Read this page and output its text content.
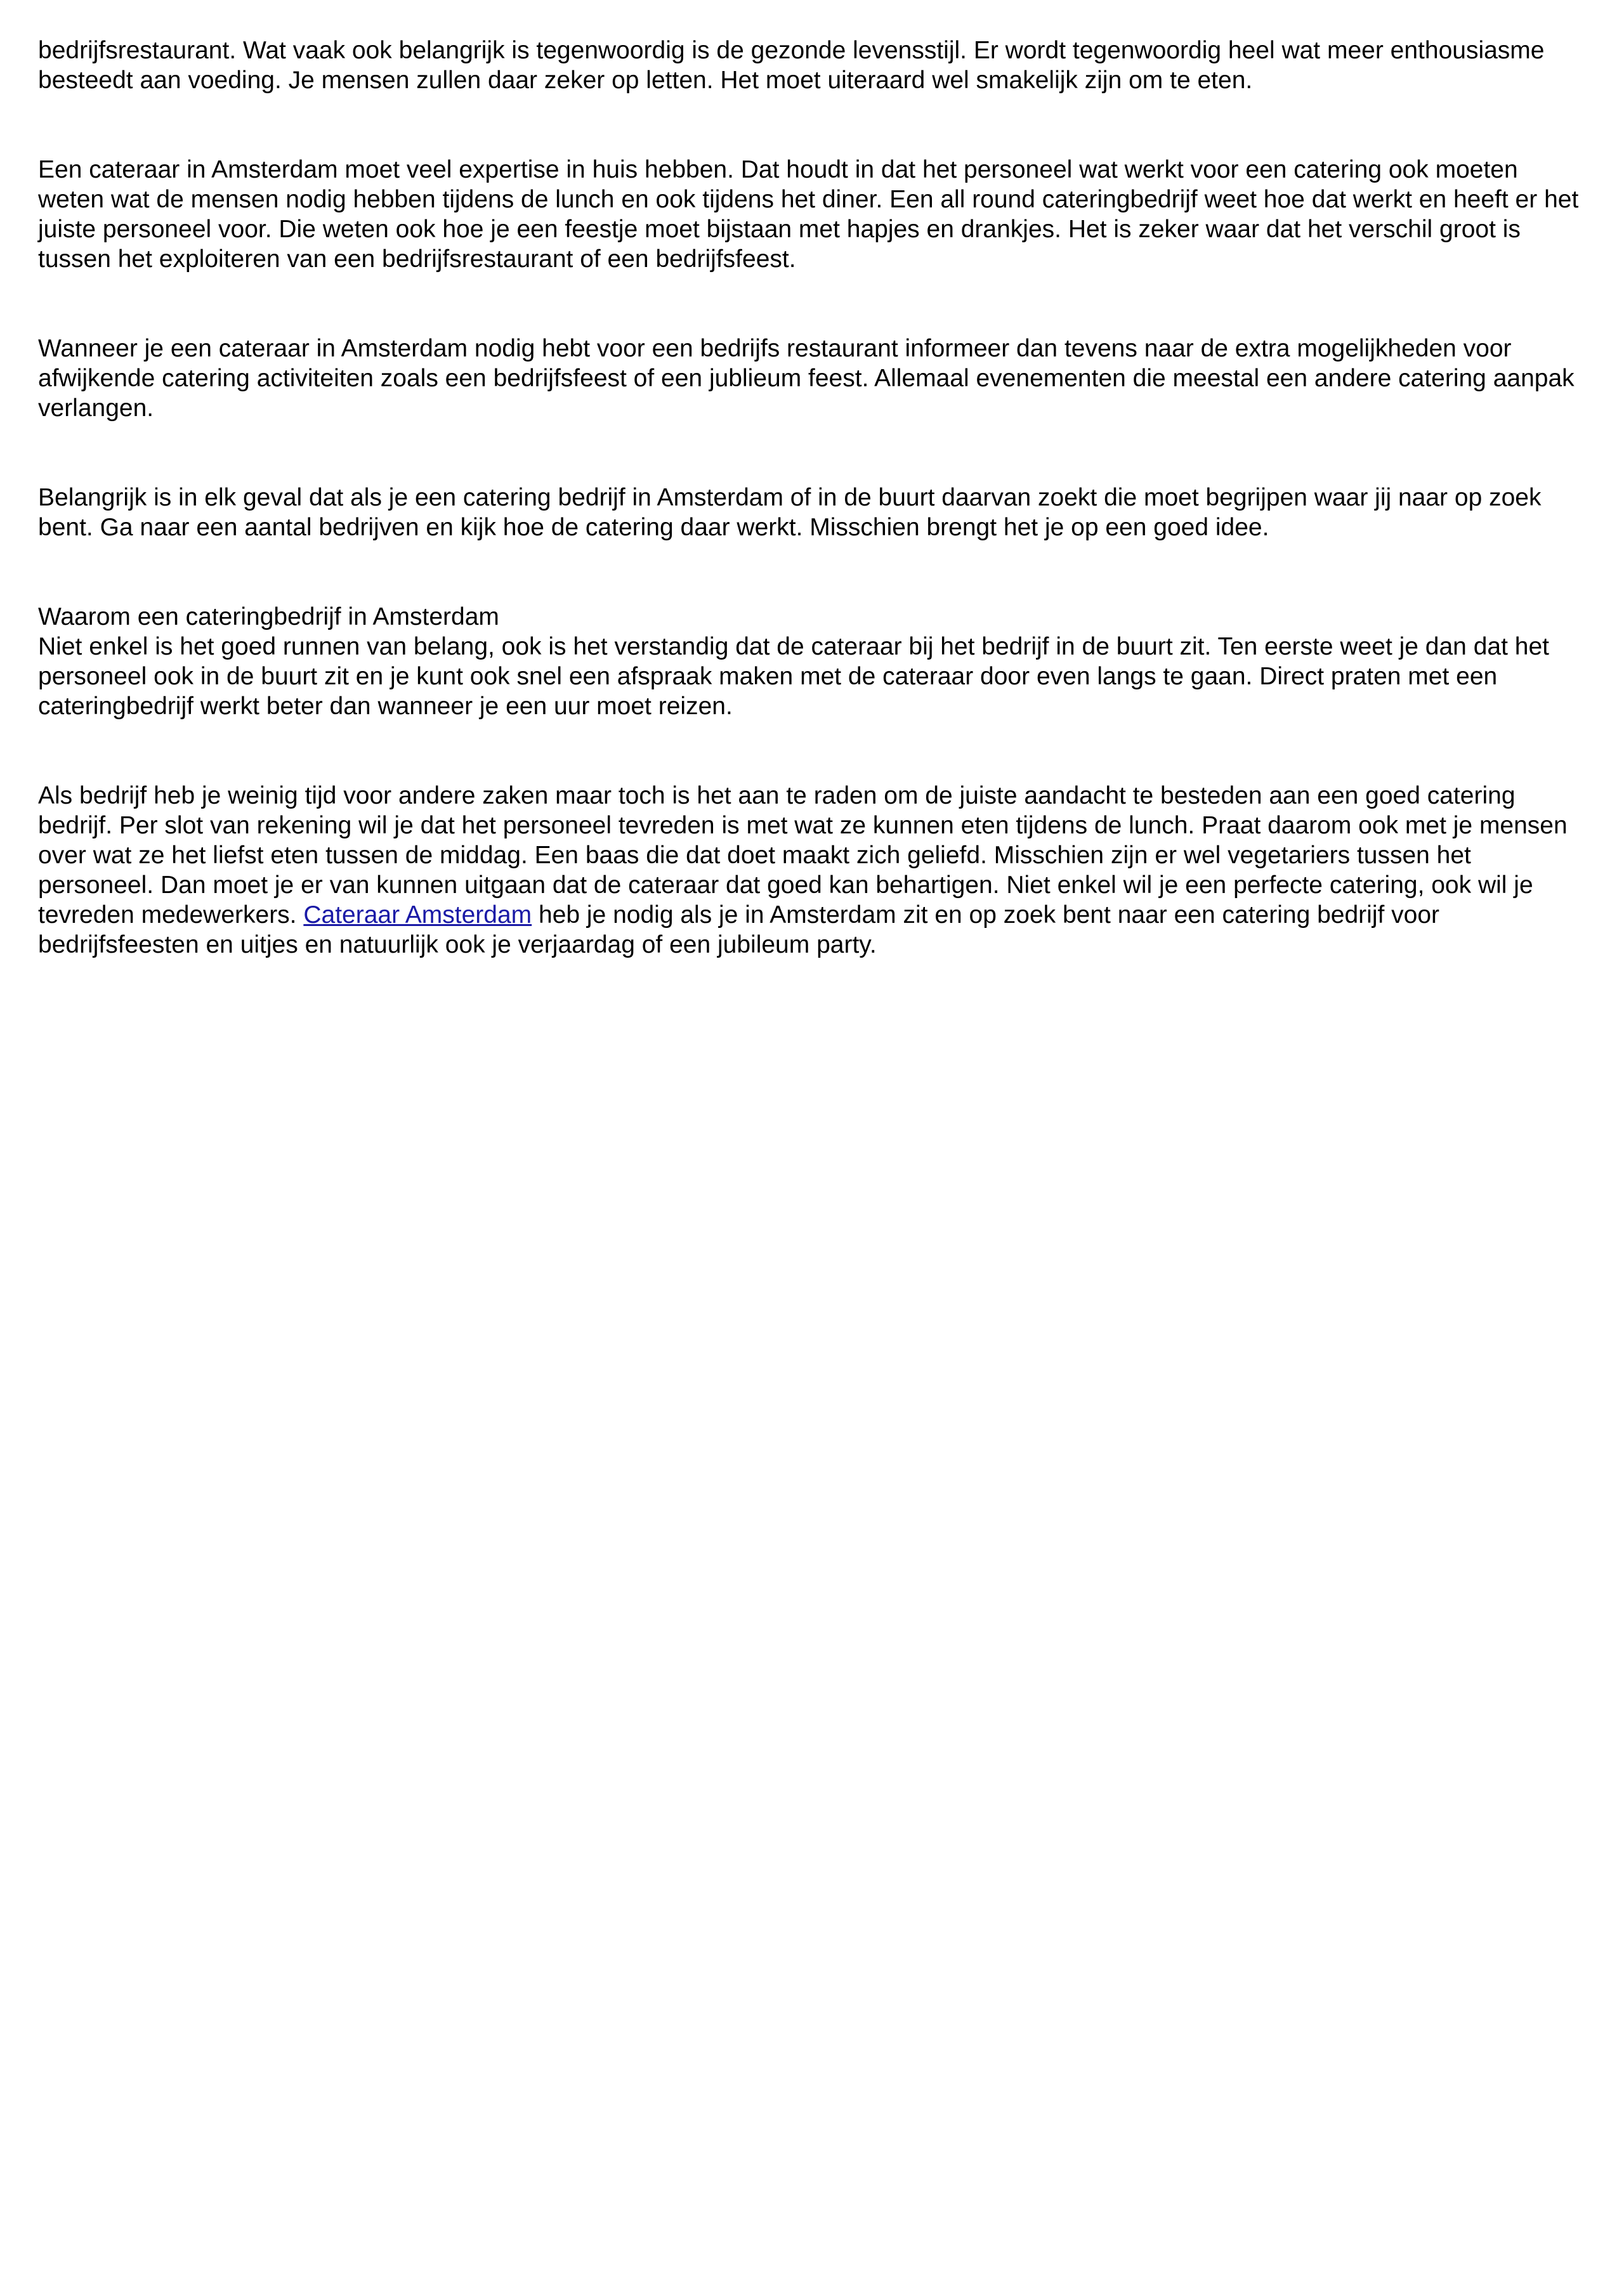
bedrijfsrestaurant. Wat vaak ook belangrijk is tegenwoordig is de gezonde levensstijl. Er wordt tegenwoordig heel wat meer enthousiasme besteedt aan voeding. Je mensen zullen daar zeker op letten. Het moet uiteraard wel smakelijk zijn om te eten.

Een cateraar in Amsterdam moet veel expertise in huis hebben. Dat houdt in dat het personeel wat werkt voor een catering ook moeten weten wat de mensen nodig hebben tijdens de lunch en ook tijdens het diner. Een all round cateringbedrijf weet hoe dat werkt en heeft er het juiste personeel voor. Die weten ook hoe je een feestje moet bijstaan met hapjes en drankjes. Het is zeker waar dat het verschil groot is tussen het exploiteren van een bedrijfsrestaurant of een bedrijfsfeest.

Wanneer je een cateraar in Amsterdam nodig hebt voor een bedrijfs restaurant informeer dan tevens naar de extra mogelijkheden voor afwijkende catering activiteiten zoals een bedrijfsfeest of een jublieum feest. Allemaal evenementen die meestal een andere catering aanpak verlangen.

Belangrijk is in elk geval dat als je een catering bedrijf in Amsterdam of in de buurt daarvan zoekt die moet begrijpen waar jij naar op zoek bent. Ga naar een aantal bedrijven en kijk hoe de catering daar werkt. Misschien brengt het je op een goed idee.

Waarom een cateringbedrijf in Amsterdam
Niet enkel is het goed runnen van belang, ook is het verstandig dat de cateraar bij het bedrijf in de buurt zit. Ten eerste weet je dan dat het personeel ook in de buurt zit en je kunt ook snel een afspraak maken met de cateraar door even langs te gaan. Direct praten met een cateringbedrijf werkt beter dan wanneer je een uur moet reizen.

Als bedrijf heb je weinig tijd voor andere zaken maar toch is het aan te raden om de juiste aandacht te besteden aan een goed catering bedrijf. Per slot van rekening wil je dat het personeel tevreden is met wat ze kunnen eten tijdens de lunch. Praat daarom ook met je mensen over wat ze het liefst eten tussen de middag. Een baas die dat doet maakt zich geliefd. Misschien zijn er wel vegetariers tussen het personeel. Dan moet je er van kunnen uitgaan dat de cateraar dat goed kan behartigen. Niet enkel wil je een perfecte catering, ook wil je tevreden medewerkers. Cateraar Amsterdam heb je nodig als je in Amsterdam zit en op zoek bent naar een catering bedrijf voor bedrijfsfeesten en uitjes en natuurlijk ook je verjaardag of een jubileum party.
